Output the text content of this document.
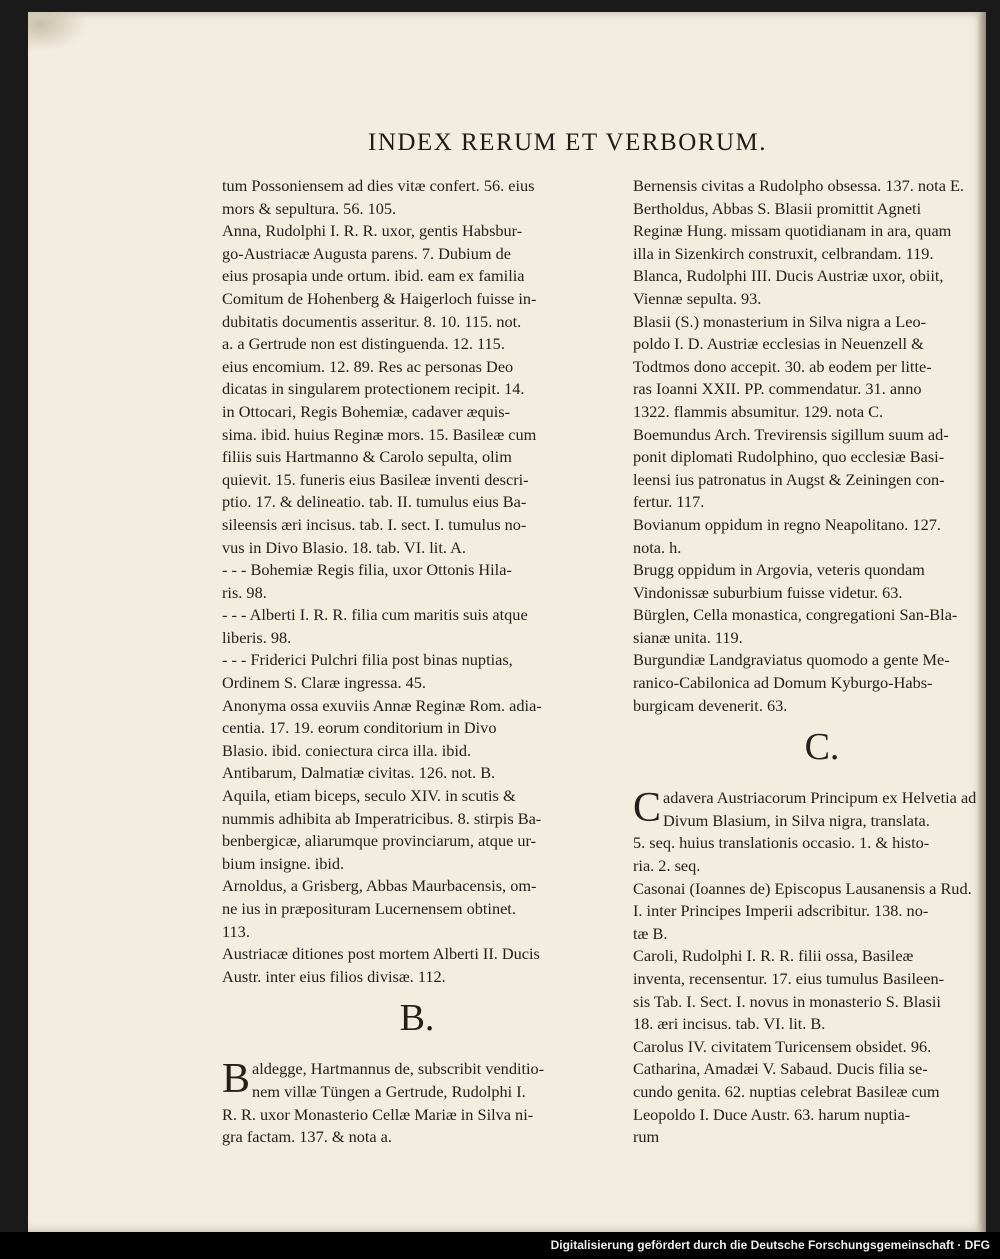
INDEX RERUM ET VERBORUM.
tum Possoniensem ad dies vitæ confert. 56. eius
mors & sepultura. 56. 105.
Anna, Rudolphi I. R. R. uxor, gentis Habsbur-
go-Austriacæ Augusta parens. 7. Dubium de
eius prosapia unde ortum. ibid. eam ex familia
Comitum de Hohenberg & Haigerloch fuisse in-
dubitatis documentis asseritur. 8. 10. 115. not.
a. a Gertrude non est distinguenda. 12. 115.
eius encomium. 12. 89. Res ac personas Deo
dicatas in singularem protectionem recipit. 14.
in Ottocari, Regis Bohemiæ, cadaver æquis-
sima. ibid. huius Reginæ mors. 15. Basileæ cum
filiis suis Hartmanno & Carolo sepulta, olim
quievit. 15. funeris eius Basileæ inventi descri-
ptio. 17. & delineatio. tab. II. tumulus eius Ba-
sileensis æri incisus. tab. I. sect. I. tumulus no-
vus in Divo Blasio. 18. tab. VI. lit. A.
- - - Bohemiæ Regis filia, uxor Ottonis Hila-
ris. 98.
- - - Alberti I. R. R. filia cum maritis suis atque
liberis. 98.
- - - Friderici Pulchri filia post binas nuptias,
Ordinem S. Claræ ingressa. 45.
Anonyma ossa exuviis Annæ Reginæ Rom. adia-
centia. 17. 19. eorum conditorium in Divo
Blasio. ibid. coniectura circa illa. ibid.
Antibarum, Dalmatiæ civitas. 126. not. B.
Aquila, etiam biceps, seculo XIV. in scutis &
nummis adhibita ab Imperatricibus. 8. stirpis Ba-
benbergicæ, aliarumque provinciarum, atque ur-
bium insigne. ibid.
Arnoldus, a Grisberg, Abbas Maurbacensis, om-
ne ius in præposituram Lucernensem obtinet.
113.
Austriacæ ditiones post mortem Alberti II. Ducis
Austr. inter eius filios divisæ. 112.
B.
B aldegge, Hartmannus de, subscribit venditio-
nem villæ Tüngen a Gertrude, Rudolphi I.
R. R. uxor Monasterio Cellæ Mariæ in Silva ni-
gra factam. 137. & nota a.
Bernensis civitas a Rudolpho obsessa. 137. nota E.
Bertholdus, Abbas S. Blasii promittit Agneti
Reginæ Hung. missam quotidianam in ara, quam
illa in Sizenkirch construxit, celbrandam. 119.
Blanca, Rudolphi III. Ducis Austriæ uxor, obiit,
Viennæ sepulta. 93.
Blasii (S.) monasterium in Silva nigra a Leo-
poldo I. D. Austriæ ecclesias in Neuenzell &
Todtmos dono accepit. 30. ab eodem per litte-
ras Ioanni XXII. PP. commendatur. 31. anno
1322. flammis absumitur. 129. nota C.
Boemundus Arch. Trevirensis sigillum suum ad-
ponit diplomati Rudolphino, quo ecclesiæ Basi-
leensi ius patronatus in Augst & Zeiningen con-
fertur. 117.
Bovianum oppidum in regno Neapolitano. 127.
nota. h.
Brugg oppidum in Argovia, veteris quondam
Vindonissæ suburbium fuisse videtur. 63.
Bürglen, Cella monastica, congregationi San-Bla-
sianæ unita. 119.
Burgundiæ Landgraviatus quomodo a gente Me-
ranico-Cabilonica ad Domum Kyburgo-Habs-
burgicam devenerit. 63.
C.
C adavera Austriacorum Principum ex Helvetia ad
Divum Blasium, in Silva nigra, translata.
5. seq. huius translationis occasio. 1. & histo-
ria. 2. seq.
Casonai (Ioannes de) Episcopus Lausanensis a Rud.
I. inter Principes Imperii adscribitur. 138. no-
tæ B.
Caroli, Rudolphi I. R. R. filii ossa, Basileæ
inventa, recensentur. 17. eius tumulus Basileen-
sis Tab. I. Sect. I. novus in monasterio S. Blasii
18. æri incisus. tab. VI. lit. B.
Carolus IV. civitatem Turicensem obsidet. 96.
Catharina, Amadæi V. Sabaud. Ducis filia se-
cundo genita. 62. nuptias celebrat Basileæ cum
Leopoldo I. Duce Austr. 63. harum nuptia-
rum
Digitalisierung gefördert durch die Deutsche Forschungsgemeinschaft · DFG
